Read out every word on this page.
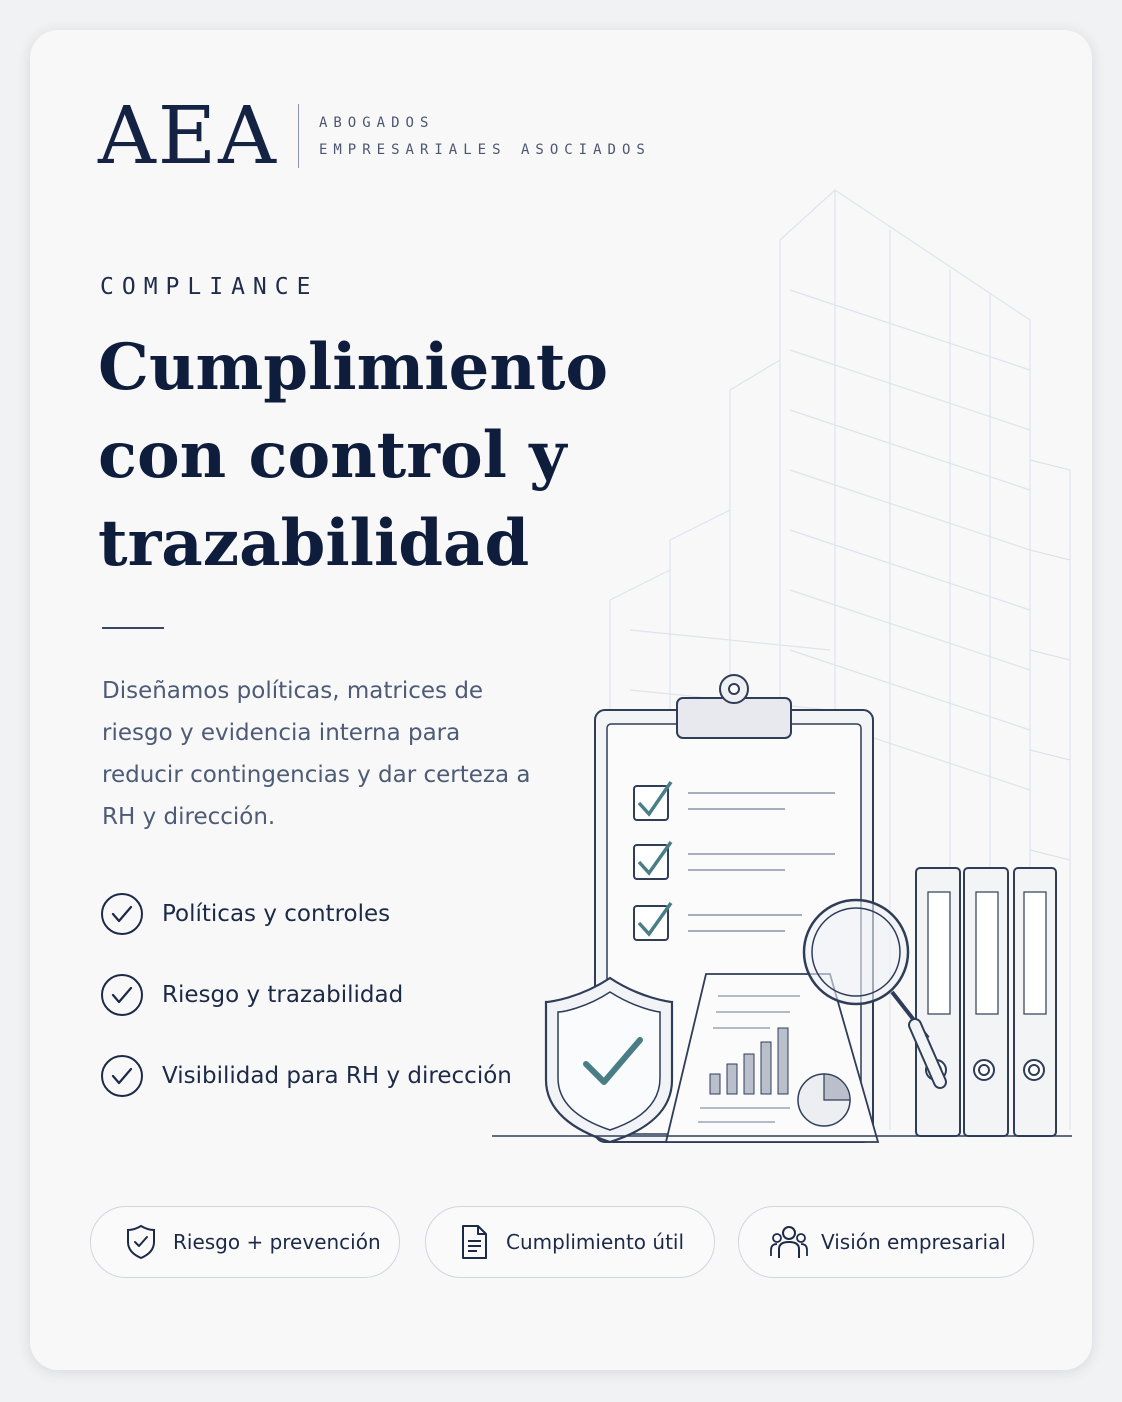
AEA	ABOGADOS
EMPRESARIALES ASOCIADOS
COMPLIANCE
Cumplimiento
con control y
trazabilidad

Diseñamos políticas, matrices de riesgo y evidencia interna para reducir contingencias y dar certeza a RH y dirección.

Políticas y controles
Riesgo y trazabilidad
Visibilidad para RH y dirección
Riesgo + prevención	Cumplimiento útil	Visión empresarial
